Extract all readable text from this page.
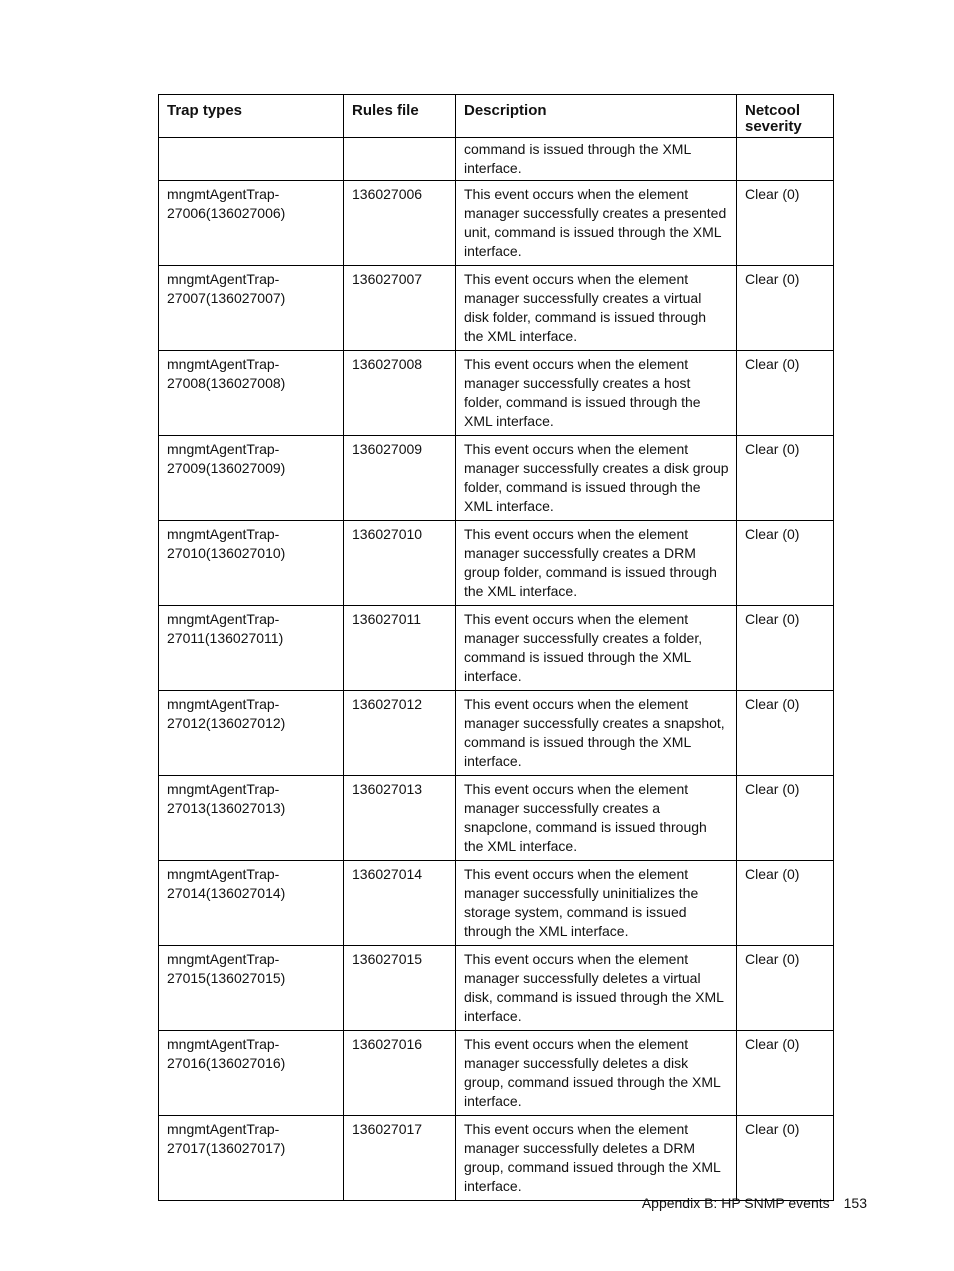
Trap types	Rules file	Description	Netcool severity
		command is issued through the XML interface.	
mngmtAgentTrap-27006(136027006)	136027006	This event occurs when the element manager successfully creates a presented unit, command is issued through the XML interface.	Clear (0)
mngmtAgentTrap-27007(136027007)	136027007	This event occurs when the element manager successfully creates a virtual disk folder, command is issued through the XML interface.	Clear (0)
mngmtAgentTrap-27008(136027008)	136027008	This event occurs when the element manager successfully creates a host folder, command is issued through the XML interface.	Clear (0)
mngmtAgentTrap-27009(136027009)	136027009	This event occurs when the element manager successfully creates a disk group folder, command is issued through the XML interface.	Clear (0)
mngmtAgentTrap-27010(136027010)	136027010	This event occurs when the element manager successfully creates a DRM group folder, command is issued through the XML interface.	Clear (0)
mngmtAgentTrap-27011(136027011)	136027011	This event occurs when the element manager successfully creates a folder, command is issued through the XML interface.	Clear (0)
mngmtAgentTrap-27012(136027012)	136027012	This event occurs when the element manager successfully creates a snapshot, command is issued through the XML interface.	Clear (0)
mngmtAgentTrap-27013(136027013)	136027013	This event occurs when the element manager successfully creates a snapclone, command is issued through the XML interface.	Clear (0)
mngmtAgentTrap-27014(136027014)	136027014	This event occurs when the element manager successfully uninitializes the storage system, command is issued through the XML interface.	Clear (0)
mngmtAgentTrap-27015(136027015)	136027015	This event occurs when the element manager successfully deletes a virtual disk, command is issued through the XML interface.	Clear (0)
mngmtAgentTrap-27016(136027016)	136027016	This event occurs when the element manager successfully deletes a disk group, command issued through the XML interface.	Clear (0)
mngmtAgentTrap-27017(136027017)	136027017	This event occurs when the element manager successfully deletes a DRM group, command issued through the XML interface.	Clear (0)
Appendix B: HP SNMP events 153
